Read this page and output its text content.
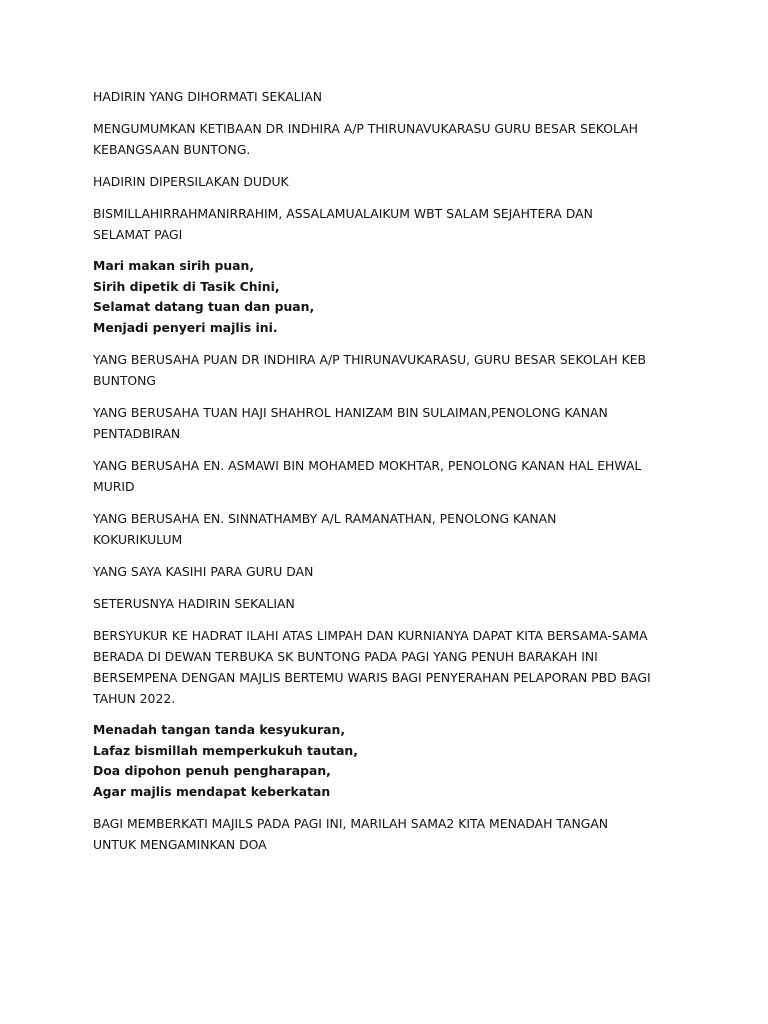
HADIRIN YANG DIHORMATI SEKALIAN

MENGUMUMKAN KETIBAAN DR INDHIRA A/P THIRUNAVUKARASU GURU BESAR SEKOLAH
KEBANGSAAN BUNTONG.

HADIRIN DIPERSILAKAN DUDUK

BISMILLAHIRRAHMANIRRAHIM, ASSALAMUALAIKUM WBT SALAM SEJAHTERA DAN
SELAMAT PAGI

Mari makan sirih puan,
Sirih dipetik di Tasik Chini,
Selamat datang tuan dan puan,
Menjadi penyeri majlis ini.

YANG BERUSAHA PUAN DR INDHIRA A/P THIRUNAVUKARASU, GURU BESAR SEKOLAH KEB
BUNTONG

YANG BERUSAHA TUAN HAJI SHAHROL HANIZAM BIN SULAIMAN,PENOLONG KANAN
PENTADBIRAN

YANG BERUSAHA EN. ASMAWI BIN MOHAMED MOKHTAR, PENOLONG KANAN HAL EHWAL
MURID

YANG BERUSAHA EN. SINNATHAMBY A/L RAMANATHAN, PENOLONG KANAN
KOKURIKULUM

YANG SAYA KASIHI PARA GURU DAN

SETERUSNYA HADIRIN SEKALIAN

BERSYUKUR KE HADRAT ILAHI ATAS LIMPAH DAN KURNIANYA DAPAT KITA BERSAMA-SAMA
BERADA DI DEWAN TERBUKA SK BUNTONG PADA PAGI YANG PENUH BARAKAH INI
BERSEMPENA DENGAN MAJLIS BERTEMU WARIS BAGI PENYERAHAN PELAPORAN PBD BAGI
TAHUN 2022.

Menadah tangan tanda kesyukuran,
Lafaz bismillah memperkukuh tautan,
Doa dipohon penuh pengharapan,
Agar majlis mendapat keberkatan

BAGI MEMBERKATI MAJILS PADA PAGI INI, MARILAH SAMA2 KITA MENADAH TANGAN
UNTUK MENGAMINKAN DOA
